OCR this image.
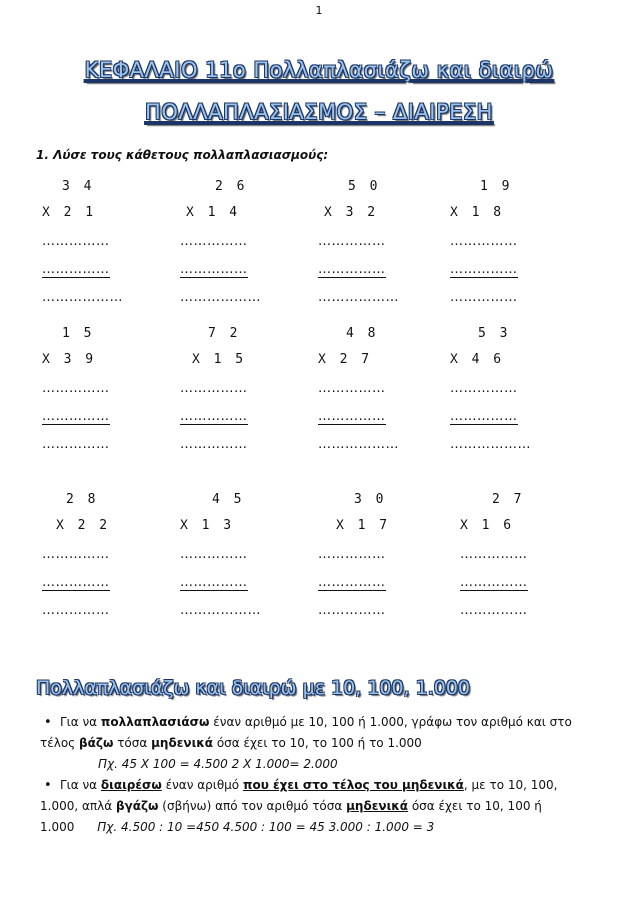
1
ΚΕΦΑΛΑΙΟ 11ο Πολλαπλασιάζω και διαιρώ
ΠΟΛΛΑΠΛΑΣΙΑΣΜΟΣ – ΔΙΑΙΡΕΣΗ
1. Λύσε τους κάθετους πολλαπλασιασμούς:
3 4
Χ 2 1
……………
……………
………………
2 6
Χ 1 4
……………
……………
………………
5 0
Χ 3 2
……………
……………
………………
1 9
Χ 1 8
……………
……………
……………
1 5
Χ 3 9
……………
……………
……………
7 2
Χ 1 5
……………
……………
……………
4 8
Χ 2 7
……………
……………
………………
5 3
Χ 4 6
……………
……………
………………
2 8
Χ 2 2
……………
……………
……………
4 5
Χ 1 3
……………
……………
………………
3 0
Χ 1 7
……………
……………
……………
2 7
Χ 1 6
……………
……………
……………
Πολλαπλασιάζω και διαιρώ με 10, 100, 1.000
• Για να πολλαπλασιάσω έναν αριθμό με 10, 100 ή 1.000, γράφω τον αριθμό και στο
τέλος βάζω τόσα μηδενικά όσα έχει το 10, το 100 ή το 1.000
Πχ. 45 Χ 100 = 4.500 2 Χ 1.000= 2.000
• Για να διαιρέσω έναν αριθμό που έχει στο τέλος του μηδενικά, με το 10, 100,
1.000, απλά βγάζω (σβήνω) από τον αριθμό τόσα μηδενικά όσα έχει το 10, 100 ή
1.000 Πχ. 4.500 : 10 =450 4.500 : 100 = 45 3.000 : 1.000 = 3
